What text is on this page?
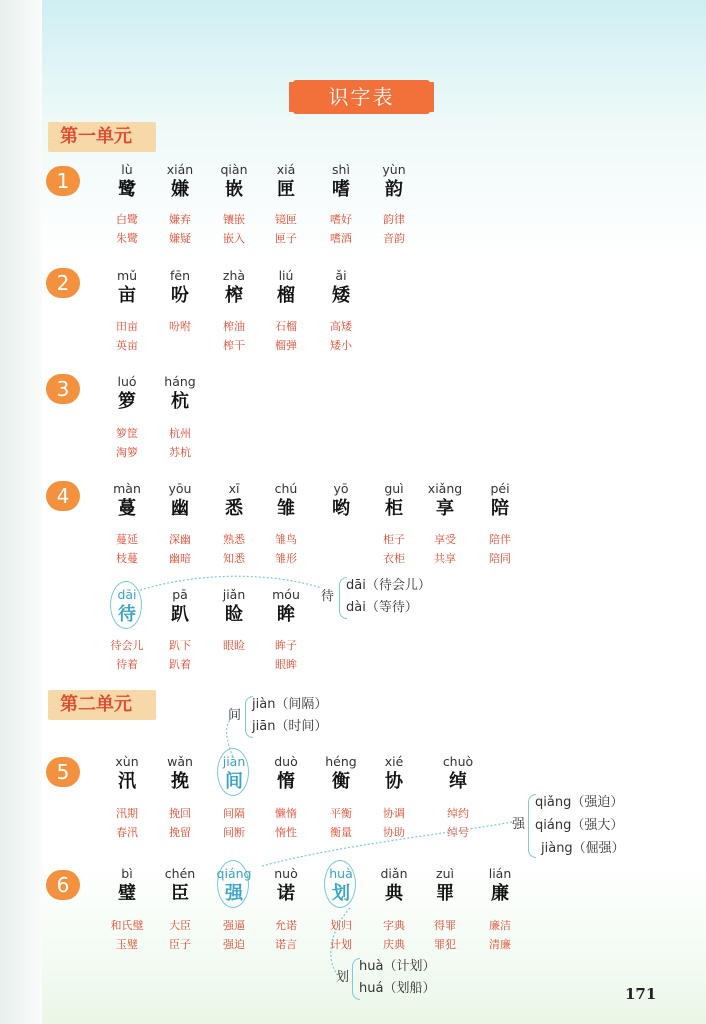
识字表
第一单元
第二单元
1
2
3
4
5
6
lù
鹭
白鹭
朱鹭
xián
嫌
嫌弃
嫌疑
qiàn
嵌
镶嵌
嵌入
xiá
匣
镜匣
匣子
shì
嗜
嗜好
嗜酒
yùn
韵
韵律
音韵
mǔ
亩
田亩
英亩
fēn
吩
吩咐
zhà
榨
榨油
榨干
liú
榴
石榴
榴弹
ǎi
矮
高矮
矮小
luó
箩
箩筐
淘箩
háng
杭
杭州
苏杭
màn
蔓
蔓延
枝蔓
yōu
幽
深幽
幽暗
xī
悉
熟悉
知悉
chú
雏
雏鸟
雏形
yō
哟
guì
柜
柜子
衣柜
xiǎng
享
享受
共享
péi
陪
陪伴
陪同
dāi
待
待会儿
待着
pā
趴
趴下
趴着
jiǎn
睑
眼睑
móu
眸
眸子
眼眸
xùn
汛
汛期
春汛
wǎn
挽
挽回
挽留
jiàn
间
间隔
间断
duò
惰
懒惰
惰性
héng
衡
平衡
衡量
xié
协
协调
协助
chuò
绰
绰约
绰号
bì
璧
和氏璧
玉璧
chén
臣
大臣
臣子
qiáng
强
强逼
强迫
nuò
诺
允诺
诺言
huà
划
划归
计划
diǎn
典
字典
庆典
zuì
罪
得罪
罪犯
lián
廉
廉洁
清廉
待
dāi（待会儿）
dài（等待）
间
jiàn（间隔）
jiān（时间）
强
qiǎng（强迫）
qiáng（强大）
jiàng（倔强）
划
huà（计划）
huá（划船）	171
